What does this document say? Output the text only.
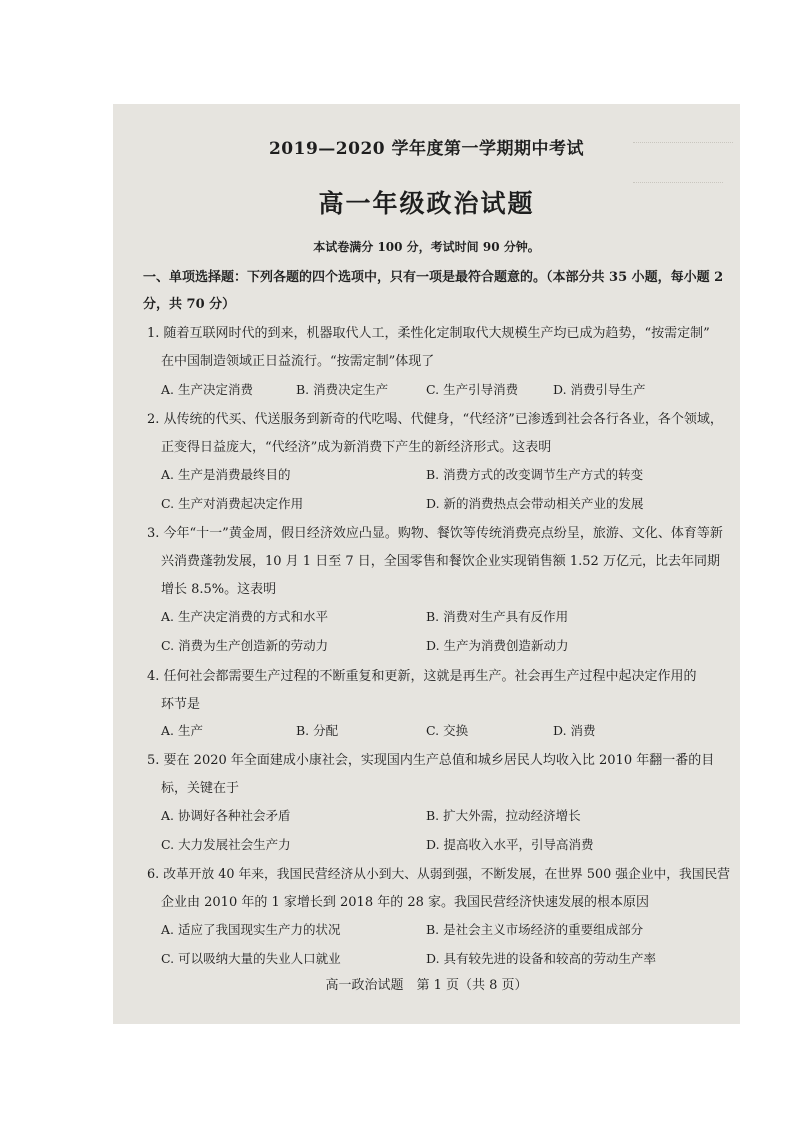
2019—2020 学年度第一学期期中考试
高一年级政治试题
本试卷满分 100 分，考试时间 90 分钟。
一、单项选择题：下列各题的四个选项中，只有一项是最符合题意的。（本部分共 35 小题，每小题 2
分，共 70 分）
1. 随着互联网时代的到来，机器取代人工，柔性化定制取代大规模生产均已成为趋势，“按需定制”
在中国制造领域正日益流行。“按需定制”体现了
A. 生产决定消费	B. 消费决定生产	C. 生产引导消费	D. 消费引导生产
2. 从传统的代买、代送服务到新奇的代吃喝、代健身，“代经济”已渗透到社会各行各业，各个领域，
正变得日益庞大，“代经济”成为新消费下产生的新经济形式。这表明
A. 生产是消费最终目的	B. 消费方式的改变调节生产方式的转变
C. 生产对消费起决定作用	D. 新的消费热点会带动相关产业的发展
3. 今年“十一”黄金周，假日经济效应凸显。购物、餐饮等传统消费亮点纷呈，旅游、文化、体育等新
兴消费蓬勃发展，10 月 1 日至 7 日，全国零售和餐饮企业实现销售额 1.52 万亿元，比去年同期
增长 8.5%。这表明
A. 生产决定消费的方式和水平	B. 消费对生产具有反作用
C. 消费为生产创造新的劳动力	D. 生产为消费创造新动力
4. 任何社会都需要生产过程的不断重复和更新，这就是再生产。社会再生产过程中起决定作用的
环节是
A. 生产	B. 分配	C. 交换	D. 消费
5. 要在 2020 年全面建成小康社会，实现国内生产总值和城乡居民人均收入比 2010 年翻一番的目
标，关键在于
A. 协调好各种社会矛盾	B. 扩大外需，拉动经济增长
C. 大力发展社会生产力	D. 提高收入水平，引导高消费
6. 改革开放 40 年来，我国民营经济从小到大、从弱到强，不断发展，在世界 500 强企业中，我国民营
企业由 2010 年的 1 家增长到 2018 年的 28 家。我国民营经济快速发展的根本原因
A. 适应了我国现实生产力的状况	B. 是社会主义市场经济的重要组成部分
C. 可以吸纳大量的失业人口就业	D. 具有较先进的设备和较高的劳动生产率
高一政治试题　第 1 页（共 8 页）
